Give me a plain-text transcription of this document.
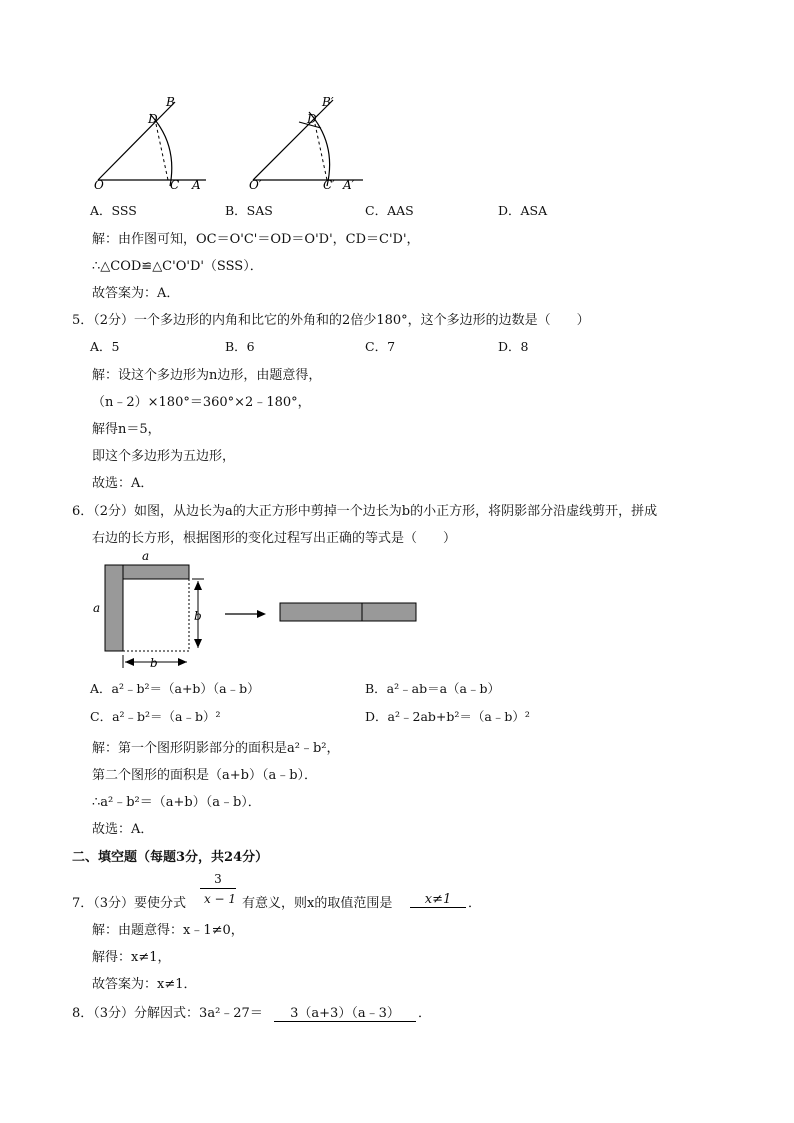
B
D
O	C A
B′
D′
O′	C′ A′
A．SSS	B．SAS	C．AAS	D．ASA
解：由作图可知，OC＝O'C'＝OD＝O'D'，CD＝C'D'，
∴△COD≌△C'O'D'（SSS）．
故答案为：A．
5．（2分）一个多边形的内角和比它的外角和的2倍少180°，这个多边形的边数是（　　）
A．5	B．6	C．7	D．8
解：设这个多边形为n边形，由题意得，
（n﹣2）×180°＝360°×2﹣180°，
解得n＝5，
即这个多边形为五边形，
故选：A．
6．（2分）如图，从边长为a的大正方形中剪掉一个边长为b的小正方形，将阴影部分沿虚线剪开，拼成
右边的长方形，根据图形的变化过程写出正确的等式是（　　）
a
a
b
b
A．a²﹣b²＝（a+b）（a﹣b）	B．a²﹣ab＝a（a﹣b）
C．a²﹣b²＝（a﹣b）²	D．a²﹣2ab+b²＝（a﹣b）²
解：第一个图形阴影部分的面积是a²﹣b²，
第二个图形的面积是（a+b）（a﹣b）．
∴a²﹣b²＝（a+b）（a﹣b）．
故选：A．
二、填空题（每题3分，共24分）
7．（3分）要使分式
3
x − 1 有意义，则x的取值范围是	x≠1	．
解：由题意得：x﹣1≠0，
解得：x≠1，
故答案为：x≠1．
8．（3分）分解因式：3a²﹣27＝	3（a+3）（a﹣3）	．
